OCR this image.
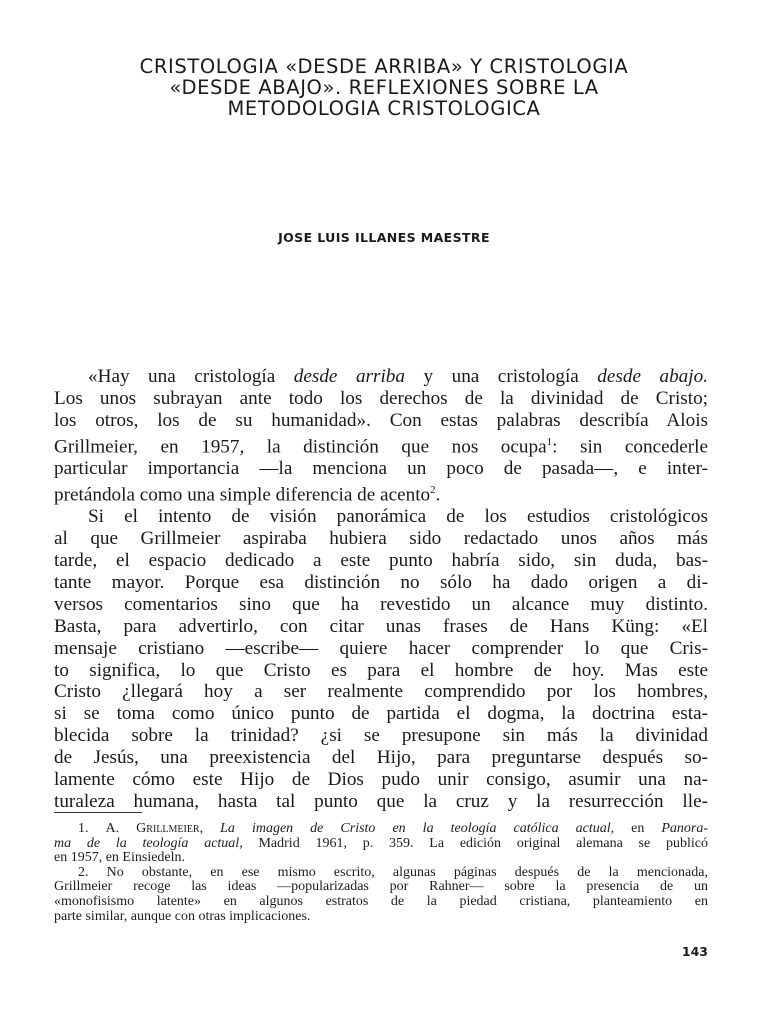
CRISTOLOGIA «DESDE ARRIBA» Y CRISTOLOGIA
«DESDE ABAJO». REFLEXIONES SOBRE LA
METODOLOGIA CRISTOLOGICA
JOSE LUIS ILLANES MAESTRE
«Hay una cristología desde arriba y una cristología desde abajo.
Los unos subrayan ante todo los derechos de la divinidad de Cristo;
los otros, los de su humanidad». Con estas palabras describía Alois
Grillmeier, en 1957, la distinción que nos ocupa$^1$: sin concederle
particular importancia —la menciona un poco de pasada—, e inter-
pretándola como una simple diferencia de acento$^2$.
Si el intento de visión panorámica de los estudios cristológicos
al que Grillmeier aspiraba hubiera sido redactado unos años más
tarde, el espacio dedicado a este punto habría sido, sin duda, bas-
tante mayor. Porque esa distinción no sólo ha dado origen a di-
versos comentarios sino que ha revestido un alcance muy distinto.
Basta, para advertirlo, con citar unas frases de Hans Küng: «El
mensaje cristiano —escribe— quiere hacer comprender lo que Cris-
to significa, lo que Cristo es para el hombre de hoy. Mas este
Cristo ¿llegará hoy a ser realmente comprendido por los hombres,
si se toma como único punto de partida el dogma, la doctrina esta-
blecida sobre la trinidad? ¿si se presupone sin más la divinidad
de Jesús, una preexistencia del Hijo, para preguntarse después so-
lamente cómo este Hijo de Dios pudo unir consigo, asumir una na-
turaleza humana, hasta tal punto que la cruz y la resurrección lle-
1. A. Grillmeier, La imagen de Cristo en la teología católica actual, en Panora-
ma de la teología actual, Madrid 1961, p. 359. La edición original alemana se publicó
en 1957, en Einsiedeln.
2. No obstante, en ese mismo escrito, algunas páginas después de la mencionada,
Grillmeier recoge las ideas —popularizadas por Rahner— sobre la presencia de un
«monofisismo latente» en algunos estratos de la piedad cristiana, planteamiento en
parte similar, aunque con otras implicaciones.
143
